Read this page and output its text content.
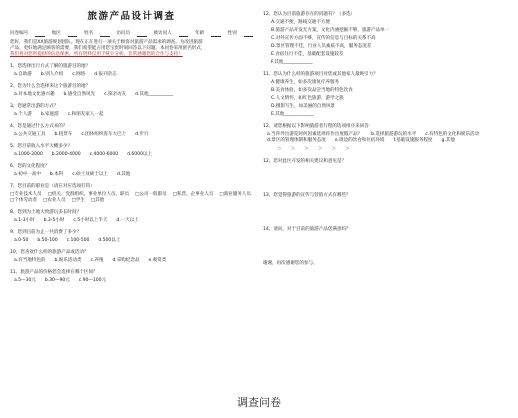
旅游产品设计调查
问卷编号	地区	姓名	访问员	被访问人	年龄	性别

您好，我们是XX旅游规划团队，现在正在进行一项关于顾客对旅游产品需求的调查。为改进旅游

产品，更好地满足顾客的需要，我们希望能占用您宝贵时间回答以下问题。本问卷采用匿名形式，

我们将对您所提供的信息保密，所有资料仅用于统计分析。非常感谢您的合作与支持！

1、您选择出行方式了解的旅游目的地？
a.自助游 b.别人介绍 c.网络 d.报刊杂志
2、您为什么会选择来这个旅游目的地？
a.对本地文化感兴趣 b.感受自然风光 c.探亲访友 d.其他___________
3、您通常出游的方式？
a.个人游 b.家庭游 c.和朋友家人一起
4、您是通过什么方式来的？
a.公共交通工具 b.租赁车 c.团体组织客车大巴士 d.步行
5、您目前收入水平大概多少？
a.1000-2000 b.2000-4000 c.4000-6000 d.6000以上
6、您的文化程度？
a.初中一高中 b.本科 c.硕士及硕士以上 d.其他
7、您目前的职业是（请在对应选项打钩）
□专业技术人员 □机关、党群组织、事业单位人员、职员 □公司一般职员 □私营、企事业人员 □商业服务人员
□个体劳动者 □农业人员 □学生 □其他
8、您到为土地大致游玩多长时间？
a.1-3小时 b.3-5小时 c.5小时以上半天 d.一天以上
9、您到目前为止一共消费了多少？
a.0-50 b.50-100 c.100-500 d.500以上
10、您喜欢什么样的旅游产品或活动？
a.有当地特色的 b.娱乐活动类 c.养殖 d.采购纪念品 e.观赏类
11、旅游产品的价格您会选择在哪个区间？
a.5—30元 b.30—90元 c.90—100元
12、您认为目前旅游存在的问题有？（多选）
A.交通不便，路线交通不方便
B.旅游产品开发无方案，文化内涵挖掘不够，旅游产品单一
C.对外宣传方面不够，宣传的信息与目标的关系不高
D.景区管理不佳，行业人员素质不高，服务态度差
E.食宿住行不佳，基础配套设施较差
F.其他_____________
11、您认为什么样的旅游项目对您或其他家人最吸引力？
A.健康养生，如多次康复疗养服务
B.美食体验，如多次品尝当地的特色饮食
C.人文情怀，如红色旅游，游学之旅
D.摄影写生，如美丽的自然风景
E.其他_____________
12、请您根据以下影响旅游者行程的选项排序来回答
a.当你外出游览时何因素选择你作出度假产品？ b.选择旅游游玩的水平 c.有特色的文化和娱乐活动
d.景区的管理体制和服务态度 e.周边的饮食和住宿环境 f.基础设施服务程度 g.其他
＞＞＞＞＞＞
12、您对此区开发的相关建议和意见是？
13、您觉得旅游的宣传与营销方式有哪些？
14、请问，对于目前的旅游产品您满意吗？
谢谢，再次感谢您的参与。
调查问卷
